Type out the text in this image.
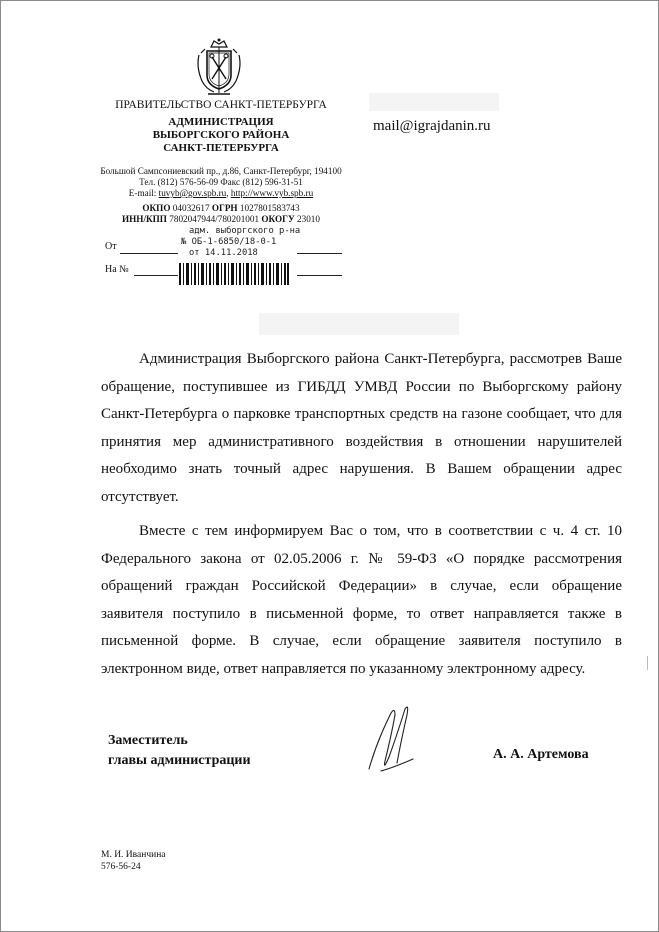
ПРАВИТЕЛЬСТВО САНКТ-ПЕТЕРБУРГА
АДМИНИСТРАЦИЯ
ВЫБОРГСКОГО РАЙОНА
САНКТ-ПЕТЕРБУРГА
Большой Сампсониевский пр., д.86, Санкт-Петербург, 194100
Тел. (812) 576-56-09 Факс (812) 596-31-51
E-mail: tuvyb@gov.spb.ru, http://www.vyb.spb.ru
ОКПО 04032617 ОГРН 1027801583743
ИНН/КПП 7802047944/780201001 ОКОГУ 23010
адм. выборгского р-на
№ ОБ-1-6850/18-0-1
от 14.11.2018
От
На №
mail@igrajdanin.ru

Администрация Выборгского района Санкт-Петербурга, рассмотрев Ваше обращение, поступившее из ГИБДД УМВД России по Выборгскому району Санкт-Петербурга о парковке транспортных средств на газоне сообщает, что для принятия мер административного воздействия в отношении нарушителей необходимо знать точный адрес нарушения. В Вашем обращении адрес отсутствует.

Вместе с тем информируем Вас о том, что в соответствии с ч. 4 ст. 10 Федерального закона от 02.05.2006 г. № 59-ФЗ «О порядке рассмотрения обращений граждан Российской Федерации» в случае, если обращение заявителя поступило в письменной форме, то ответ направляется также в письменной форме. В случае, если обращение заявителя поступило в электронном виде, ответ направляется по указанному электронному адресу.

Заместитель
главы администрации	А. А. Артемова
М. И. Иванчина
576-56-24
